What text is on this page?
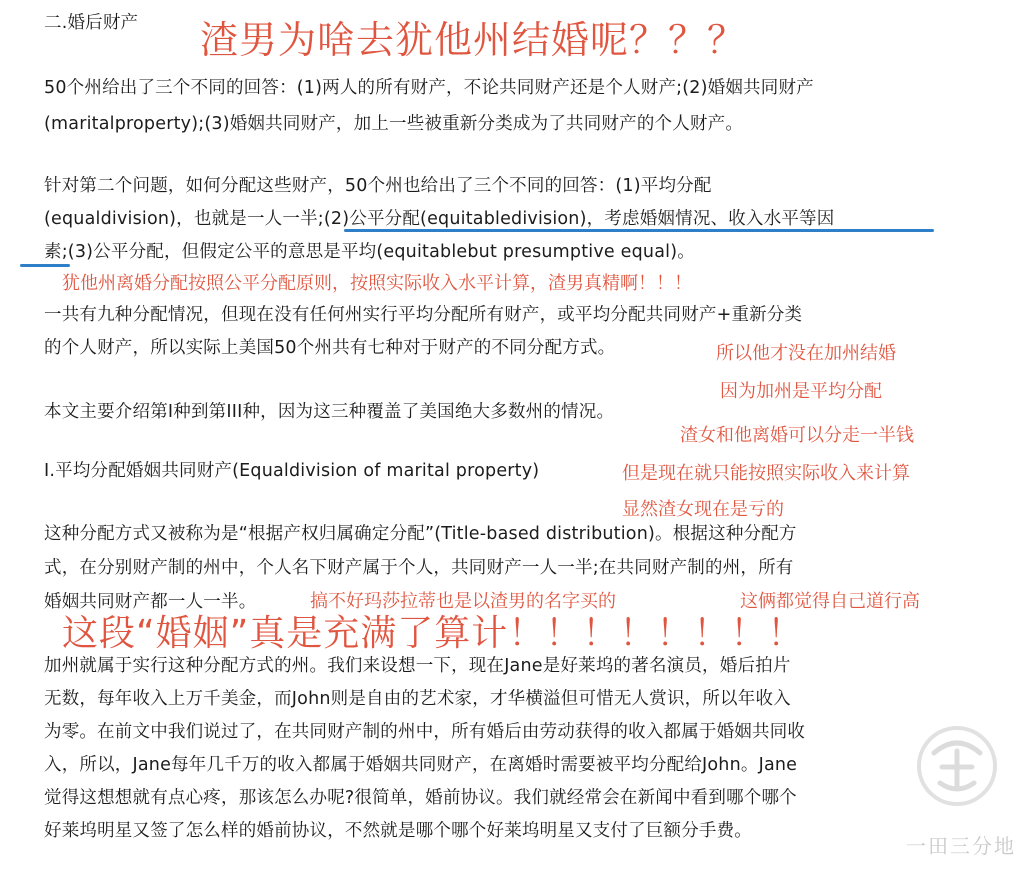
二.婚后财产 渣男为啥去犹他州结婚呢？？？
50个州给出了三个不同的回答：(1)两人的所有财产，不论共同财产还是个人财产;(2)婚姻共同财产
(maritalproperty);(3)婚姻共同财产，加上一些被重新分类成为了共同财产的个人财产。
针对第二个问题，如何分配这些财产，50个州也给出了三个不同的回答：(1)平均分配
(equaldivision)，也就是一人一半;(2)公平分配(equitabledivision)，考虑婚姻情况、收入水平等因
素;(3)公平分配，但假定公平的意思是平均(equitablebut presumptive equal)。
犹他州离婚分配按照公平分配原则，按照实际收入水平计算，渣男真精啊！！！
一共有九种分配情况，但现在没有任何州实行平均分配所有财产，或平均分配共同财产+重新分类
的个人财产，所以实际上美国50个州共有七种对于财产的不同分配方式。	所以他才没在加州结婚
因为加州是平均分配
本文主要介绍第I种到第III种，因为这三种覆盖了美国绝大多数州的情况。
渣女和他离婚可以分走一半钱
I.平均分配婚姻共同财产(Equaldivision of marital property)	但是现在就只能按照实际收入来计算
显然渣女现在是亏的
这种分配方式又被称为是“根据产权归属确定分配”(Title-based distribution)。根据这种分配方
式，在分别财产制的州中，个人名下财产属于个人，共同财产一人一半;在共同财产制的州，所有
婚姻共同财产都一人一半。	搞不好玛莎拉蒂也是以渣男的名字买的	这俩都觉得自己道行高
这段“婚姻”真是充满了算计！！！！！！！！
加州就属于实行这种分配方式的州。我们来设想一下，现在Jane是好莱坞的著名演员，婚后拍片
无数，每年收入上万千美金，而John则是自由的艺术家，才华横溢但可惜无人赏识，所以年收入
为零。在前文中我们说过了，在共同财产制的州中，所有婚后由劳动获得的收入都属于婚姻共同收
入，所以，Jane每年几千万的收入都属于婚姻共同财产，在离婚时需要被平均分配给John。Jane
觉得这想想就有点心疼，那该怎么办呢?很简单，婚前协议。我们就经常会在新闻中看到哪个哪个
好莱坞明星又签了怎么样的婚前协议，不然就是哪个哪个好莱坞明星又支付了巨额分手费。
一田三分地
